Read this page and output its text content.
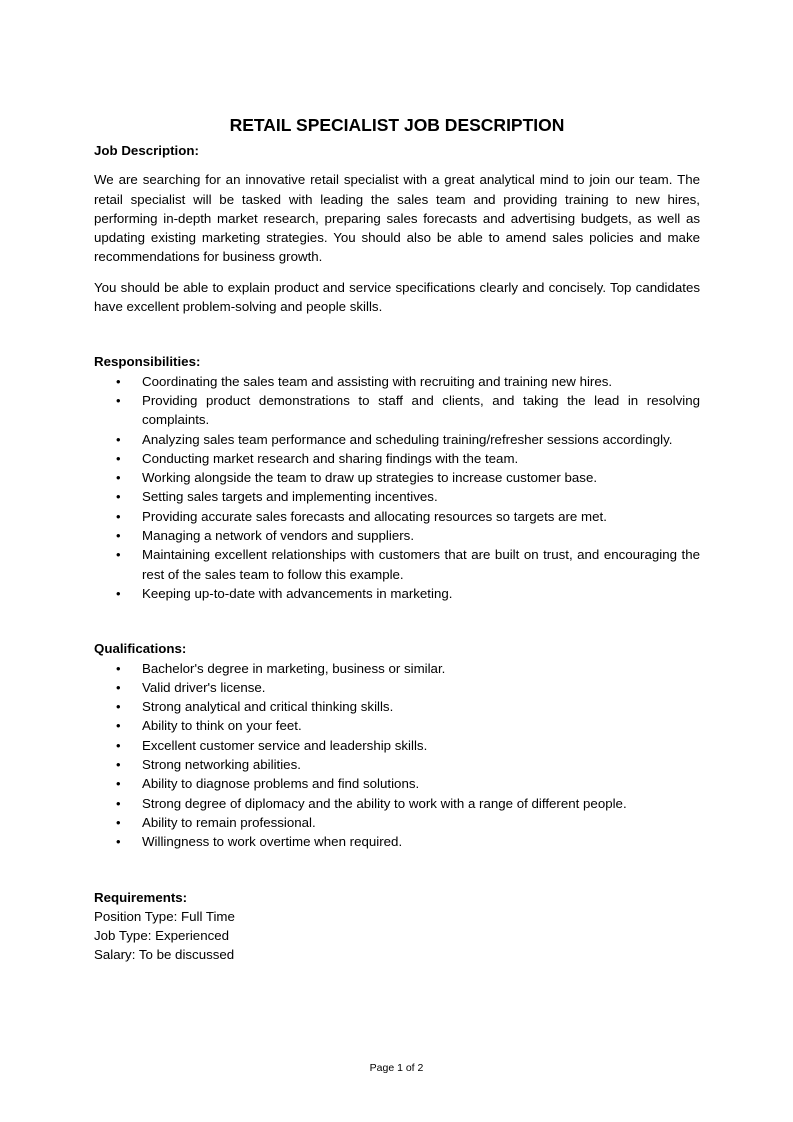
RETAIL SPECIALIST JOB DESCRIPTION

Job Description:

We are searching for an innovative retail specialist with a great analytical mind to join our team. The retail specialist will be tasked with leading the sales team and providing training to new hires, performing in-depth market research, preparing sales forecasts and advertising budgets, as well as updating existing marketing strategies. You should also be able to amend sales policies and make recommendations for business growth.

You should be able to explain product and service specifications clearly and concisely. Top candidates have excellent problem-solving and people skills.

Responsibilities:

• Coordinating the sales team and assisting with recruiting and training new hires.
• Providing product demonstrations to staff and clients, and taking the lead in resolving complaints.
• Analyzing sales team performance and scheduling training/refresher sessions accordingly.
• Conducting market research and sharing findings with the team.
• Working alongside the team to draw up strategies to increase customer base.
• Setting sales targets and implementing incentives.
• Providing accurate sales forecasts and allocating resources so targets are met.
• Managing a network of vendors and suppliers.
• Maintaining excellent relationships with customers that are built on trust, and encouraging the rest of the sales team to follow this example.
• Keeping up-to-date with advancements in marketing.

Qualifications:

• Bachelor's degree in marketing, business or similar.
• Valid driver's license.
• Strong analytical and critical thinking skills.
• Ability to think on your feet.
• Excellent customer service and leadership skills.
• Strong networking abilities.
• Ability to diagnose problems and find solutions.
• Strong degree of diplomacy and the ability to work with a range of different people.
• Ability to remain professional.
• Willingness to work overtime when required.

Requirements:

Position Type: Full Time

Job Type: Experienced

Salary: To be discussed

Page 1 of 2
